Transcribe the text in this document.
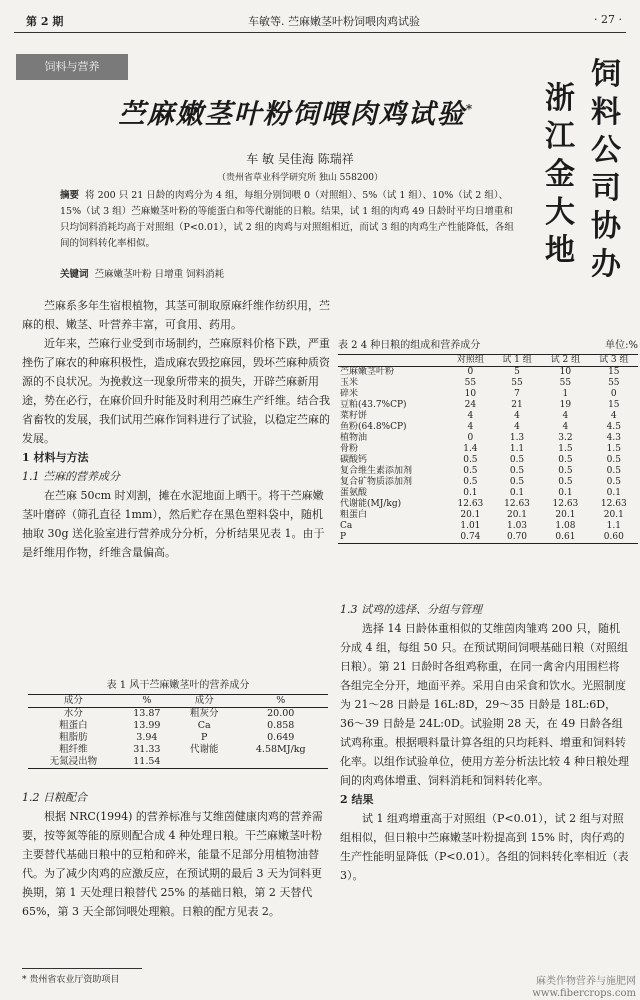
第 2 期	车敏等. 苎麻嫩茎叶粉饲喂肉鸡试验	· 27 ·
饲料与营养
苎麻嫩茎叶粉饲喂肉鸡试验*
车 敏 吴佳海 陈瑞祥
（贵州省草业科学研究所 独山 558200）
浙
江
金
大
地
饲
料
公
司
协
办
摘要 将 200 只 21 日龄的肉鸡分为 4 组，每组分别饲喂 0（对照组）、5%（试 1 组）、10%（试 2 组）、15%（试 3 组）苎麻嫩茎叶粉的等能蛋白和等代谢能的日粮。结果，试 1 组的肉鸡 49 日龄时平均日增重和只均饲料消耗均高于对照组（P<0.01），试 2 组的肉鸡与对照组相近，而试 3 组的肉鸡生产性能降低，各组间的饲料转化率相似。
关键词 苎麻嫩茎叶粉 日增重 饲料消耗

苎麻系多年生宿根植物，其茎可制取原麻纤维作纺织用，苎麻的根、嫩茎、叶营养丰富，可食用、药用。

近年来，苎麻行业受到市场制约，苎麻原料价格下跌，严重挫伤了麻农的种麻积极性，造成麻农毁挖麻园，毁坏苎麻种质资源的不良状况。为挽救这一现象所带来的损失，开辟苎麻新用途，势在必行，在麻价回升时能及时利用苎麻生产纤维。结合我省畜牧的发展，我们试用苎麻作饲料进行了试验，以稳定苎麻的发展。

1 材料与方法
1.1 苎麻的营养成分

在苎麻 50cm 时刈割，摊在水泥地面上晒干。将干苎麻嫩茎叶磨碎（筛孔直径 1mm），然后贮存在黑色塑料袋中，随机抽取 30g 送化验室进行营养成分分析，分析结果见表 1。由于是纤维用作物，纤维含量偏高。

表 1 风干苎麻嫩茎叶的营养成分
成分	%	成分	%
水分	13.87	粗灰分	20.00
粗蛋白	13.99	Ca	0.858
粗脂肪	3.94	P	0.649
粗纤维	31.33	代谢能	4.58MJ/kg
无氮浸出物	11.54		
1.2 日粮配合

根据 NRC(1994) 的营养标准与艾维茵健康肉鸡的营养需要，按等氮等能的原则配合成 4 种处理日粮。干苎麻嫩茎叶粉主要替代基础日粮中的豆粕和碎米，能量不足部分用植物油替代。为了减少肉鸡的应激反应，在预试期的最后 3 天为饲料更换期，第 1 天处理日粮替代 25% 的基础日粮，第 2 天替代 65%，第 3 天全部饲喂处理粮。日粮的配方见表 2。

* 贵州省农业厅资助项目
表 2 4 种日粮的组成和营养成分	单位:%
	对照组	试 1 组	试 2 组	试 3 组
苎麻嫩茎叶粉	0	5	10	15
玉米	55	55	55	55
碎米	10	7	1	0
豆粕(43.7%CP)	24	21	19	15
菜籽饼	4	4	4	4
鱼粉(64.8%CP)	4	4	4	4.5
植物油	0	1.3	3.2	4.3
骨粉	1.4	1.1	1.5	1.5
碳酸钙	0.5	0.5	0.5	0.5
复合维生素添加剂	0.5	0.5	0.5	0.5
复合矿物质添加剂	0.5	0.5	0.5	0.5
蛋氨酸	0.1	0.1	0.1	0.1
代谢能(MJ/kg)	12.63	12.63	12.63	12.63
粗蛋白	20.1	20.1	20.1	20.1
Ca	1.01	1.03	1.08	1.1
P	0.74	0.70	0.61	0.60
1.3 试鸡的选择、分组与管理

选择 14 日龄体重相似的艾维茵肉雏鸡 200 只，随机分成 4 组，每组 50 只。在预试期间饲喂基础日粮（对照组日粮）。第 21 日龄时各组鸡称重，在同一禽舍内用围栏将各组完全分开，地面平养。采用自由采食和饮水。光照制度为 21～28 日龄是 16L:8D，29～35 日龄是 18L:6D，36～39 日龄是 24L:0D。试验期 28 天，在 49 日龄各组试鸡称重。根据喂料量计算各组的只均耗料、增重和饲料转化率。以组作试验单位，使用方差分析法比较 4 种日粮处理间的肉鸡体增重、饲料消耗和饲料转化率。

2 结果

试 1 组鸡增重高于对照组（P<0.01），试 2 组与对照组相似，但日粮中苎麻嫩茎叶粉提高到 15% 时，肉仔鸡的生产性能明显降低（P<0.01）。各组的饲料转化率相近（表 3）。

麻类作物营养与施肥网
www.fibercrops.com
